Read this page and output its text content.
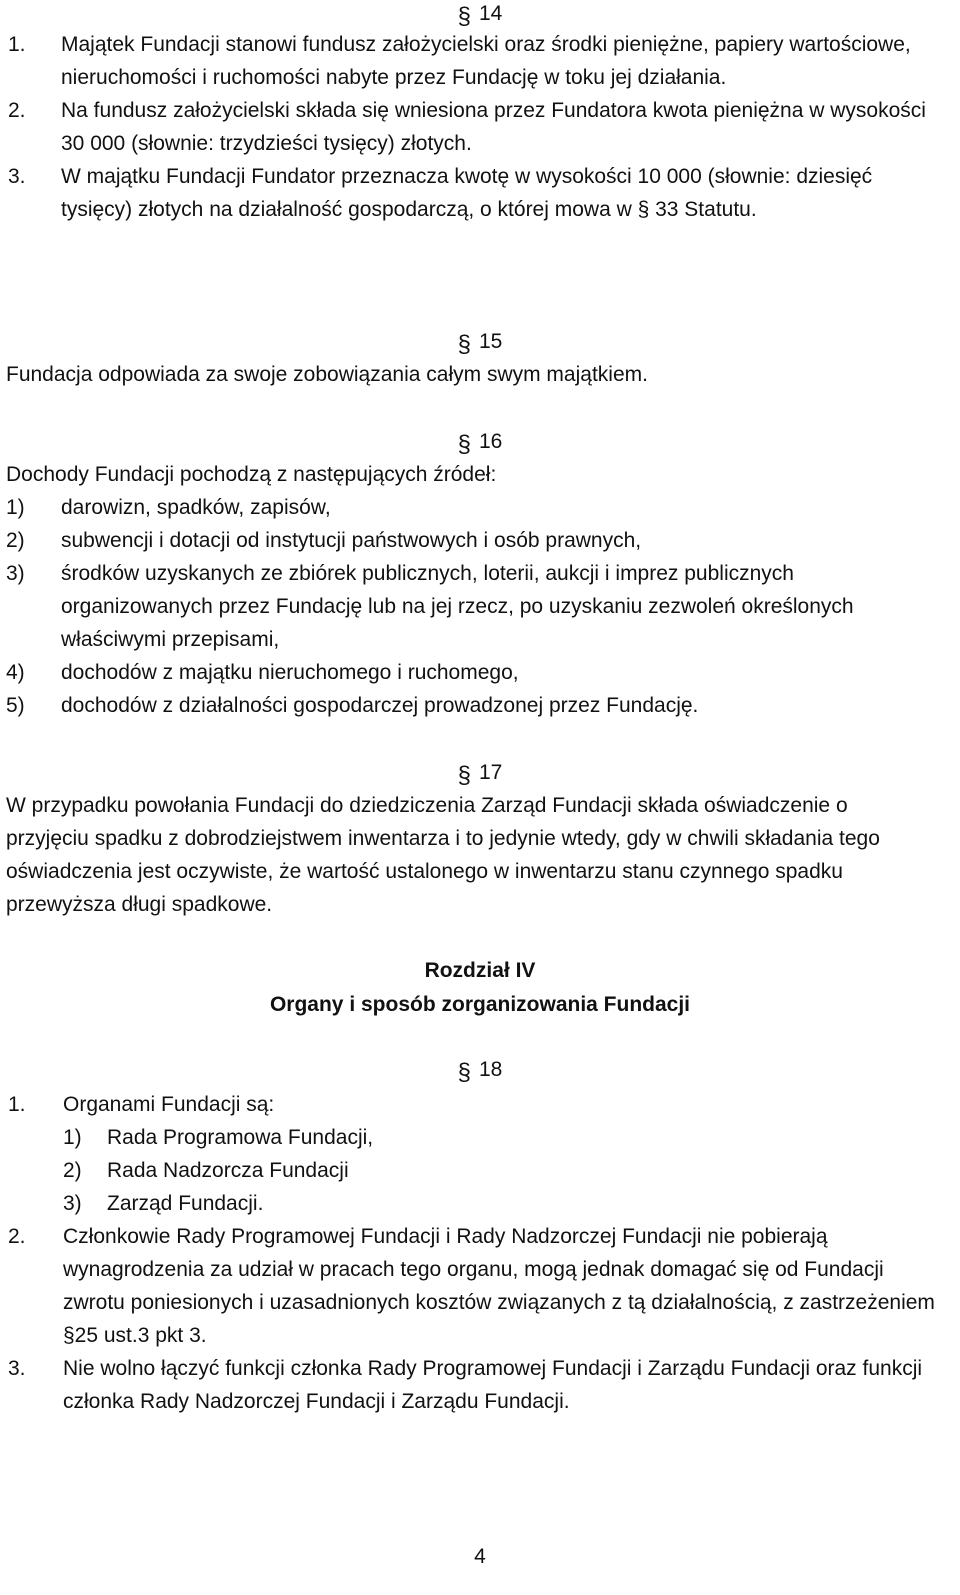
§ 14
1.	Majątek Fundacji stanowi fundusz założycielski oraz środki pieniężne, papiery wartościowe, nieruchomości i ruchomości nabyte przez Fundację w toku jej działania.
2.	Na fundusz założycielski składa się wniesiona przez Fundatora kwota pieniężna w wysokości 30 000 (słownie: trzydzieści tysięcy) złotych.
3.	W majątku Fundacji Fundator przeznacza kwotę w wysokości 10 000 (słownie: dziesięć tysięcy) złotych na działalność gospodarczą, o której mowa w § 33 Statutu.
§ 15
Fundacja odpowiada za swoje zobowiązania całym swym majątkiem.
§ 16
Dochody Fundacji pochodzą z następujących źródeł:
1)	darowizn, spadków, zapisów,
2)	subwencji i dotacji od instytucji państwowych i osób prawnych,
3)	środków uzyskanych ze zbiórek publicznych, loterii, aukcji i imprez publicznych organizowanych przez Fundację lub na jej rzecz, po uzyskaniu zezwoleń określonych właściwymi przepisami,
4)	dochodów z majątku nieruchomego i ruchomego,
5)	dochodów z działalności gospodarczej prowadzonej przez Fundację.
§ 17
W przypadku powołania Fundacji do dziedziczenia Zarząd Fundacji składa oświadczenie o przyjęciu spadku z dobrodziejstwem inwentarza i to jedynie wtedy, gdy w chwili składania tego oświadczenia jest oczywiste, że wartość ustalonego w inwentarzu stanu czynnego spadku przewyższa długi spadkowe.
Rozdział IV
Organy i sposób zorganizowania Fundacji
§ 18
1.	Organami Fundacji są:
1)	Rada Programowa Fundacji,
2)	Rada Nadzorcza Fundacji
3)	Zarząd Fundacji.
2.	Członkowie Rady Programowej Fundacji i Rady Nadzorczej Fundacji nie pobierają wynagrodzenia za udział w pracach tego organu, mogą jednak domagać się od Fundacji zwrotu poniesionych i uzasadnionych kosztów związanych z tą działalnością, z zastrzeżeniem §25 ust.3 pkt 3.
3.	Nie wolno łączyć funkcji członka Rady Programowej Fundacji i Zarządu Fundacji oraz funkcji członka Rady Nadzorczej Fundacji i Zarządu Fundacji.
4
